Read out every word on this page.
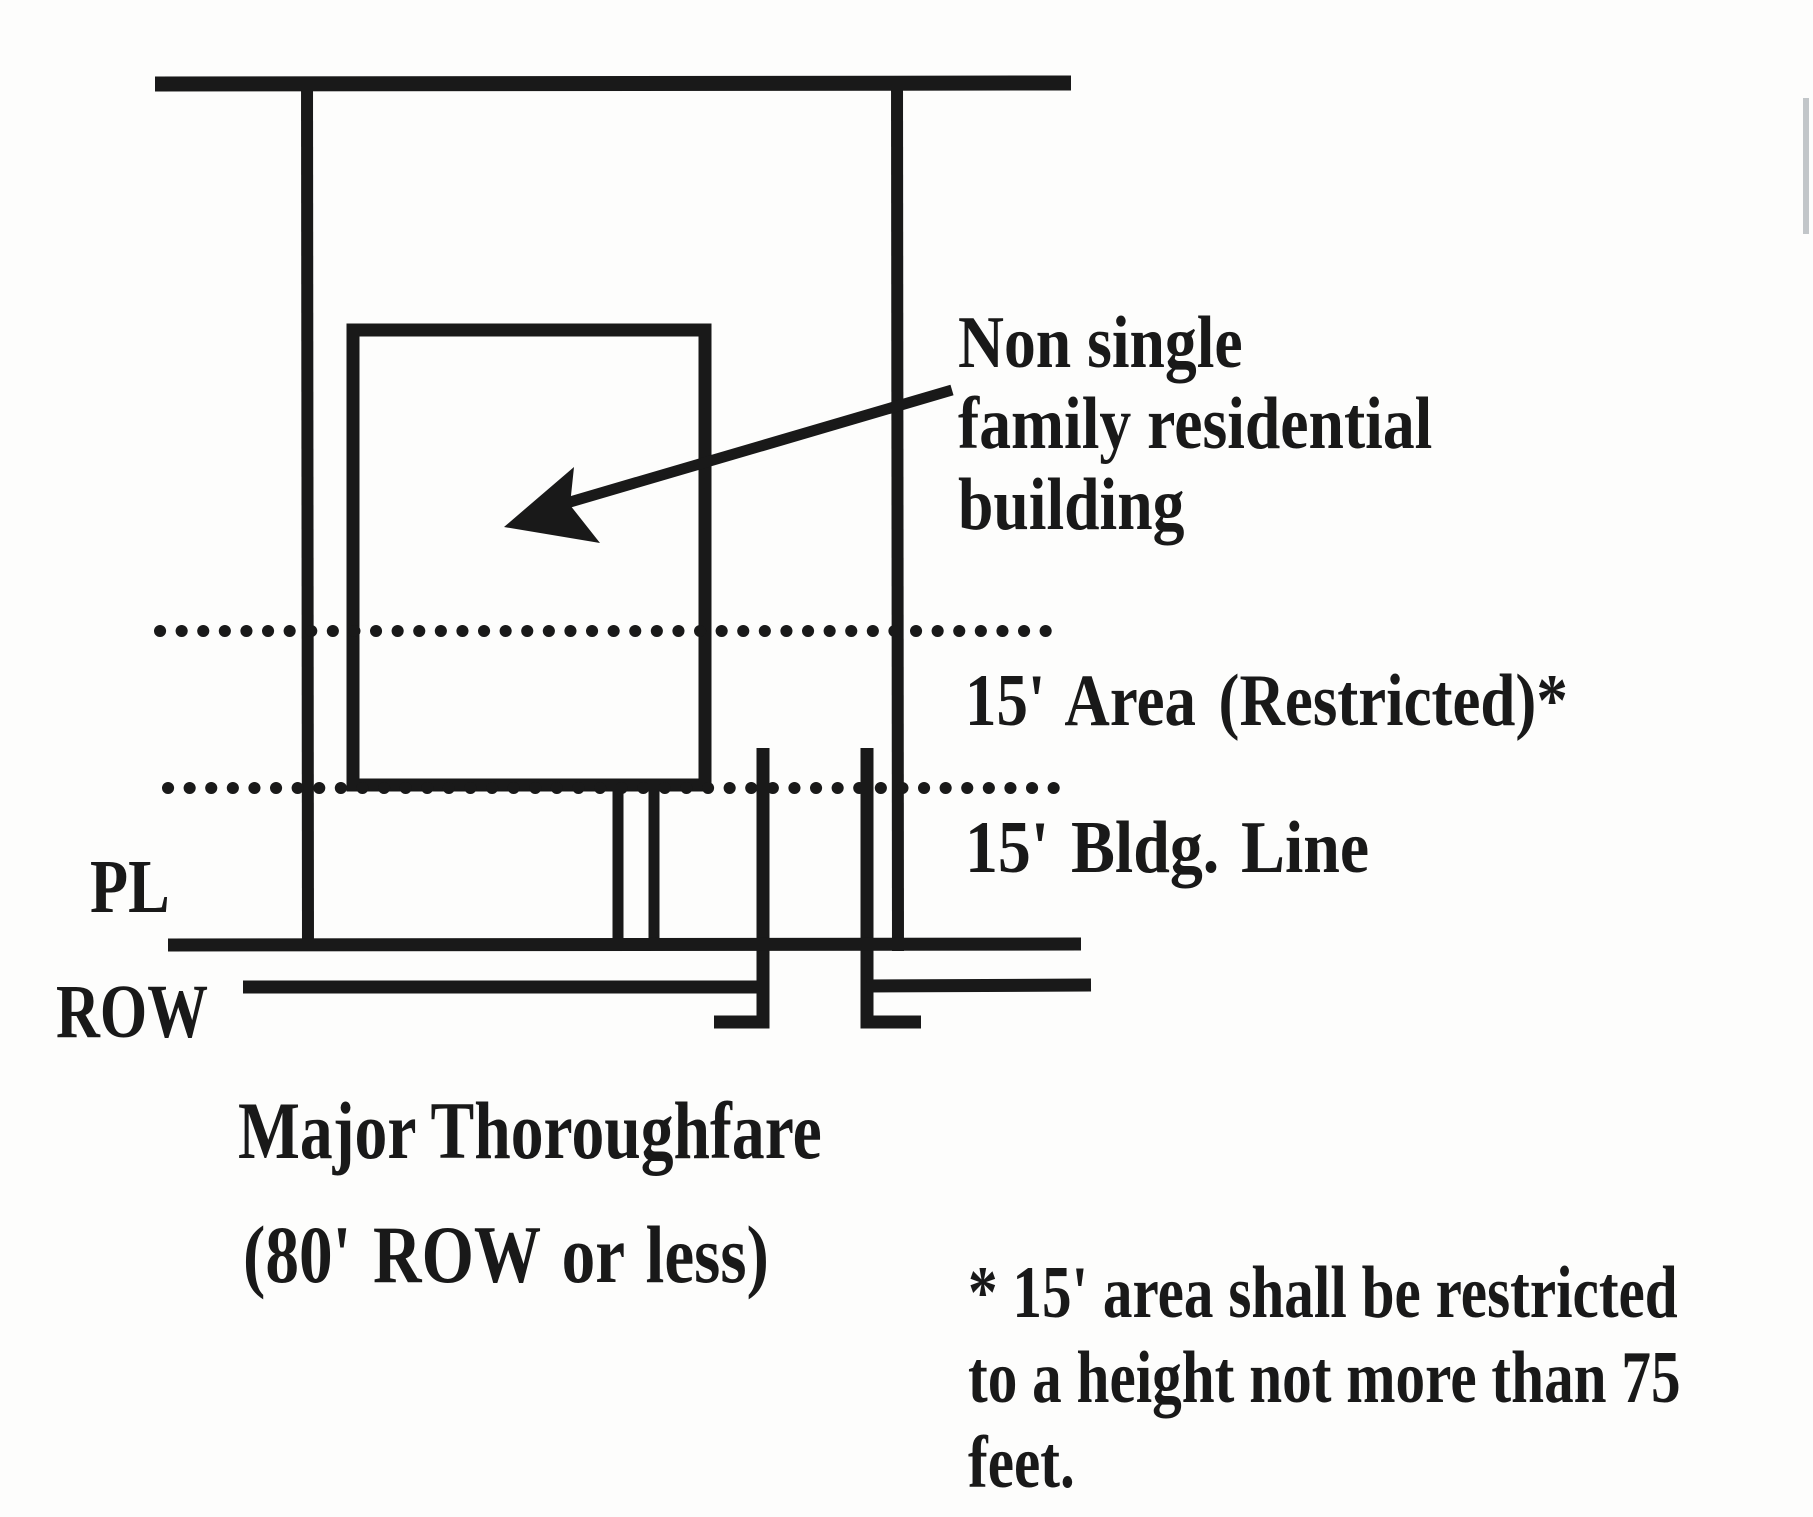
Non single
family residential
building
15' Area (Restricted)*
15' Bldg. Line
PL
ROW
Major Thoroughfare
(80' ROW or less)	* 15' area shall be restricted
to a height not more than 75
feet.
